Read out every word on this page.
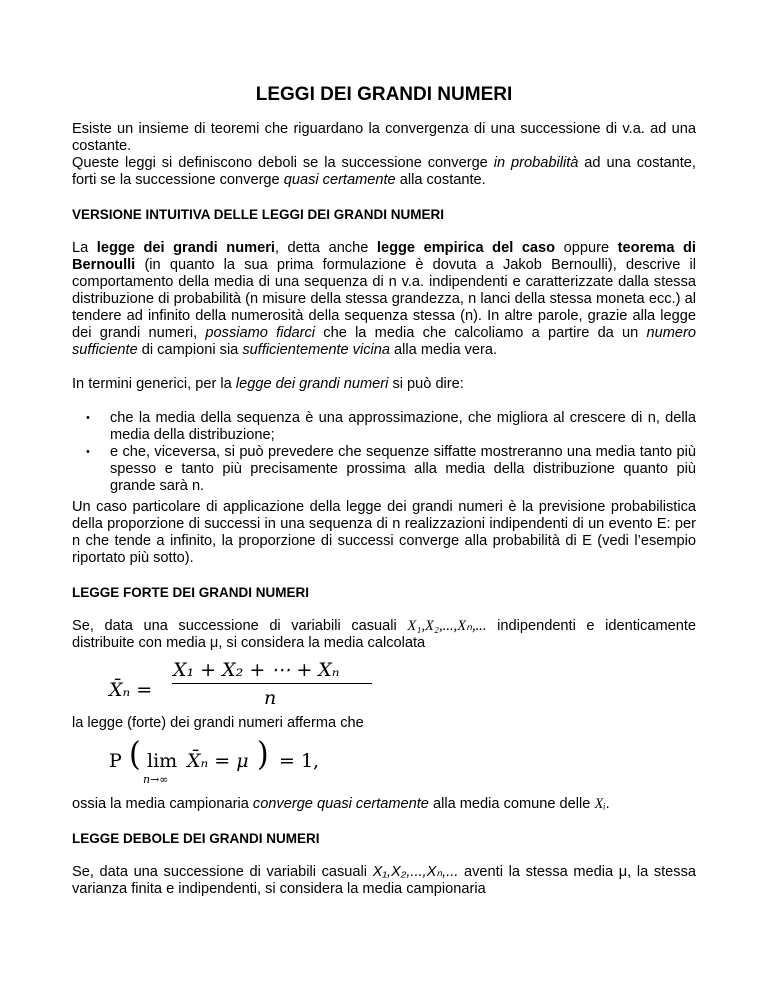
LEGGI DEI GRANDI NUMERI

Esiste un insieme di teoremi che riguardano la convergenza di una successione di v.a. ad una costante.

Queste leggi si definiscono deboli se la successione converge in probabilità ad una costante, forti se la successione converge quasi certamente alla costante.

VERSIONE INTUITIVA DELLE LEGGI DEI GRANDI NUMERI

La legge dei grandi numeri, detta anche legge empirica del caso oppure teorema di Bernoulli (in quanto la sua prima formulazione è dovuta a Jakob Bernoulli), descrive il comportamento della media di una sequenza di n v.a. indipendenti e caratterizzate dalla stessa distribuzione di probabilità (n misure della stessa grandezza, n lanci della stessa moneta ecc.) al tendere ad infinito della numerosità della sequenza stessa (n). In altre parole, grazie alla legge dei grandi numeri, possiamo fidarci che la media che calcoliamo a partire da un numero sufficiente di campioni sia sufficientemente vicina alla media vera.

In termini generici, per la legge dei grandi numeri si può dire:

• che la media della sequenza è una approssimazione, che migliora al crescere di n, della media della distribuzione;
• e che, viceversa, si può prevedere che sequenze siffatte mostreranno una media tanto più spesso e tanto più precisamente prossima alla media della distribuzione quanto più grande sarà n.

Un caso particolare di applicazione della legge dei grandi numeri è la previsione probabilistica della proporzione di successi in una sequenza di n realizzazioni indipendenti di un evento E: per n che tende a infinito, la proporzione di successi converge alla probabilità di E (vedi l’esempio riportato più sotto).

LEGGE FORTE DEI GRANDI NUMERI

Se, data una successione di variabili casuali X₁,X₂,...,Xₙ,... indipendenti e identicamente distribuite con media μ, si considera la media calcolata

X̄ₙ =
X₁ + X₂ + ⋯ + Xₙ
n

la legge (forte) dei grandi numeri afferma che

P ( lim
n→∞
X̄ₙ = μ ) = 1,

ossia la media campionaria converge quasi certamente alla media comune delle Xᵢ.

LEGGE DEBOLE DEI GRANDI NUMERI

Se, data una successione di variabili casuali X₁,X₂,...,Xₙ,... aventi la stessa media μ, la stessa varianza finita e indipendenti, si considera la media campionaria
